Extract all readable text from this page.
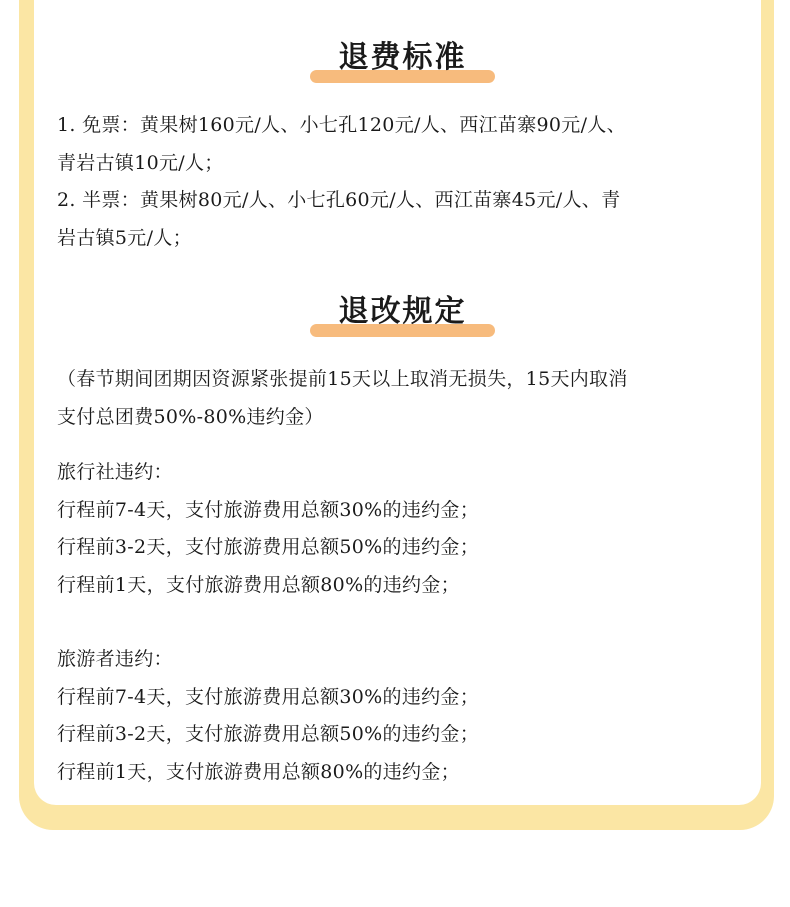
退费标准
1. 免票：黄果树160元/人、小七孔120元/人、西江苗寨90元/人、
青岩古镇10元/人；
2. 半票：黄果树80元/人、小七孔60元/人、西江苗寨45元/人、青
岩古镇5元/人；
退改规定
（春节期间团期因资源紧张提前15天以上取消无损失，15天内取消
支付总团费50%-80%违约金）
旅行社违约：
行程前7-4天，支付旅游费用总额30%的违约金；
行程前3-2天，支付旅游费用总额50%的违约金；
行程前1天，支付旅游费用总额80%的违约金；
旅游者违约：
行程前7-4天，支付旅游费用总额30%的违约金；
行程前3-2天，支付旅游费用总额50%的违约金；
行程前1天，支付旅游费用总额80%的违约金；
